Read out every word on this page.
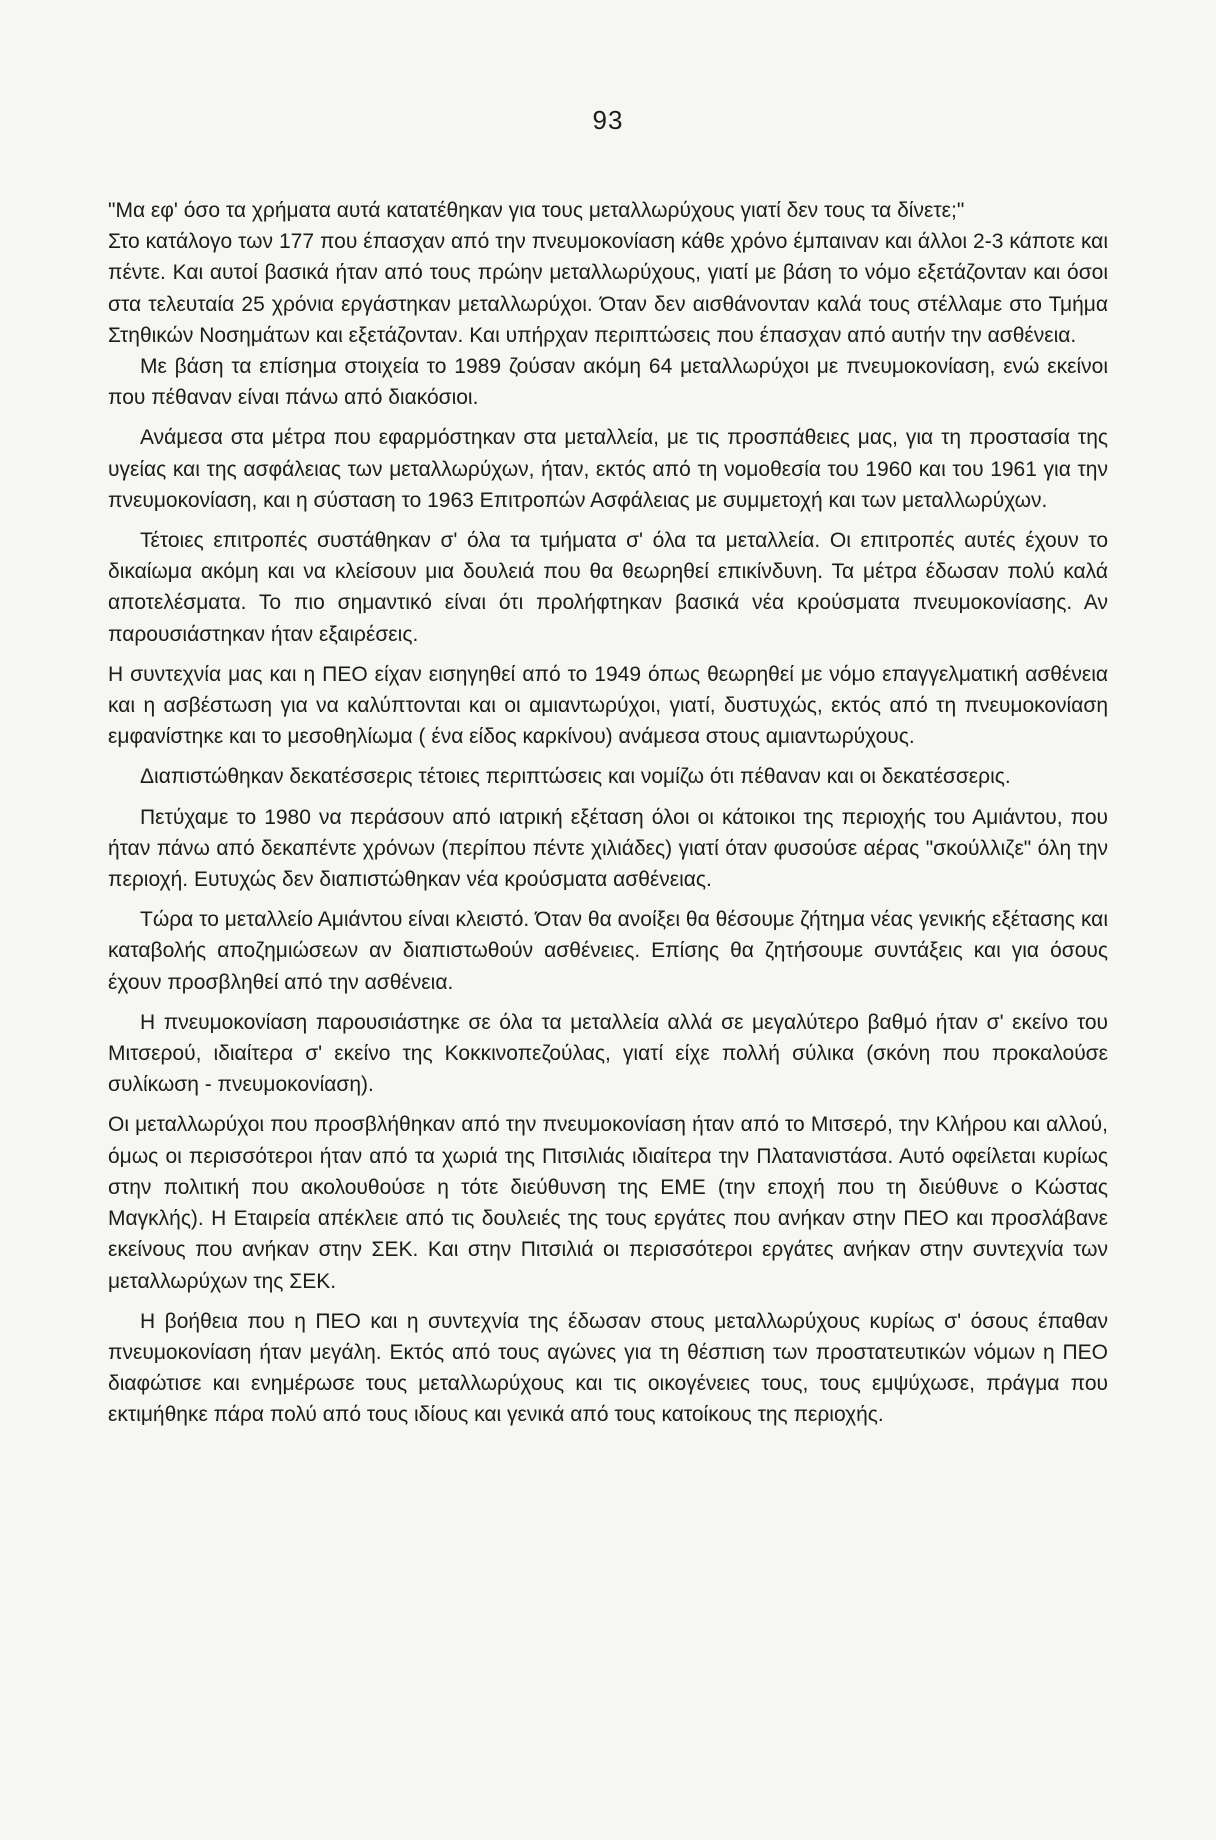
93

"Μα εφ' όσο τα χρήματα αυτά κατατέθηκαν για τους μεταλλωρύχους γιατί δεν τους τα δίνετε;"

Στο κατάλογο των 177 που έπασχαν από την πνευμοκονίαση κάθε χρόνο έμπαιναν και άλλοι 2-3 κάποτε και πέντε. Και αυτοί βασικά ήταν από τους πρώην μεταλλωρύχους, γιατί με βάση το νόμο εξετάζονταν και όσοι στα τελευταία 25 χρόνια εργάστηκαν μεταλλωρύχοι. Όταν δεν αισθάνονταν καλά τους στέλλαμε στο Τμήμα Στηθικών Νοσημάτων και εξετάζονταν. Και υπήρχαν περιπτώσεις που έπασχαν από αυτήν την ασθένεια.

Με βάση τα επίσημα στοιχεία το 1989 ζούσαν ακόμη 64 μεταλλωρύχοι με πνευμοκονίαση, ενώ εκείνοι που πέθαναν είναι πάνω από διακόσιοι.

Ανάμεσα στα μέτρα που εφαρμόστηκαν στα μεταλλεία, με τις προσπάθειες μας, για τη προστασία της υγείας και της ασφάλειας των μεταλλωρύχων, ήταν, εκτός από τη νομοθεσία του 1960 και του 1961 για την πνευμοκονίαση, και η σύσταση το 1963 Επιτροπών Ασφάλειας με συμμετοχή και των μεταλλωρύχων.

Τέτοιες επιτροπές συστάθηκαν σ' όλα τα τμήματα σ' όλα τα μεταλλεία. Οι επιτροπές αυτές έχουν το δικαίωμα ακόμη και να κλείσουν μια δουλειά που θα θεωρηθεί επικίνδυνη. Τα μέτρα έδωσαν πολύ καλά αποτελέσματα. Το πιο σημαντικό είναι ότι προλήφτηκαν βασικά νέα κρούσματα πνευμοκονίασης. Αν παρουσιάστηκαν ήταν εξαιρέσεις.

Η συντεχνία μας και η ΠΕΟ είχαν εισηγηθεί από το 1949 όπως θεωρηθεί με νόμο επαγγελματική ασθένεια και η ασβέστωση για να καλύπτονται και οι αμιαντωρύχοι, γιατί, δυστυχώς, εκτός από τη πνευμοκονίαση εμφανίστηκε και το μεσοθηλίωμα ( ένα είδος καρκίνου) ανάμεσα στους αμιαντωρύχους.

Διαπιστώθηκαν δεκατέσσερις τέτοιες περιπτώσεις και νομίζω ότι πέθαναν και οι δεκατέσσερις.

Πετύχαμε το 1980 να περάσουν από ιατρική εξέταση όλοι οι κάτοικοι της περιοχής του Αμιάντου, που ήταν πάνω από δεκαπέντε χρόνων (περίπου πέντε χιλιάδες) γιατί όταν φυσούσε αέρας "σκούλλιζε" όλη την περιοχή. Ευτυχώς δεν διαπιστώθηκαν νέα κρούσματα ασθένειας.

Τώρα το μεταλλείο Αμιάντου είναι κλειστό. Όταν θα ανοίξει θα θέσουμε ζήτημα νέας γενικής εξέτασης και καταβολής αποζημιώσεων αν διαπιστωθούν ασθένειες. Επίσης θα ζητήσουμε συντάξεις και για όσους έχουν προσβληθεί από την ασθένεια.

Η πνευμοκονίαση παρουσιάστηκε σε όλα τα μεταλλεία αλλά σε μεγαλύτερο βαθμό ήταν σ' εκείνο του Μιτσερού, ιδιαίτερα σ' εκείνο της Κοκκινοπεζούλας, γιατί είχε πολλή σύλικα (σκόνη που προκαλούσε συλίκωση - πνευμοκονίαση).

Οι μεταλλωρύχοι που προσβλήθηκαν από την πνευμοκονίαση ήταν από το Μιτσερό, την Κλήρου και αλλού, όμως οι περισσότεροι ήταν από τα χωριά της Πιτσιλιάς ιδιαίτερα την Πλατανιστάσα. Αυτό οφείλεται κυρίως στην πολιτική που ακολουθούσε η τότε διεύθυνση της ΕΜΕ (την εποχή που τη διεύθυνε ο Κώστας Μαγκλής). Η Εταιρεία απέκλειε από τις δουλειές της τους εργάτες που ανήκαν στην ΠΕΟ και προσλάβανε εκείνους που ανήκαν στην ΣΕΚ. Και στην Πιτσιλιά οι περισσότεροι εργάτες ανήκαν στην συντεχνία των μεταλλωρύχων της ΣΕΚ.

Η βοήθεια που η ΠΕΟ και η συντεχνία της έδωσαν στους μεταλλωρύχους κυρίως σ' όσους έπαθαν πνευμοκονίαση ήταν μεγάλη. Εκτός από τους αγώνες για τη θέσπιση των προστατευτικών νόμων η ΠΕΟ διαφώτισε και ενημέρωσε τους μεταλλωρύχους και τις οικογένειες τους, τους εμψύχωσε, πράγμα που εκτιμήθηκε πάρα πολύ από τους ιδίους και γενικά από τους κατοίκους της περιοχής.
